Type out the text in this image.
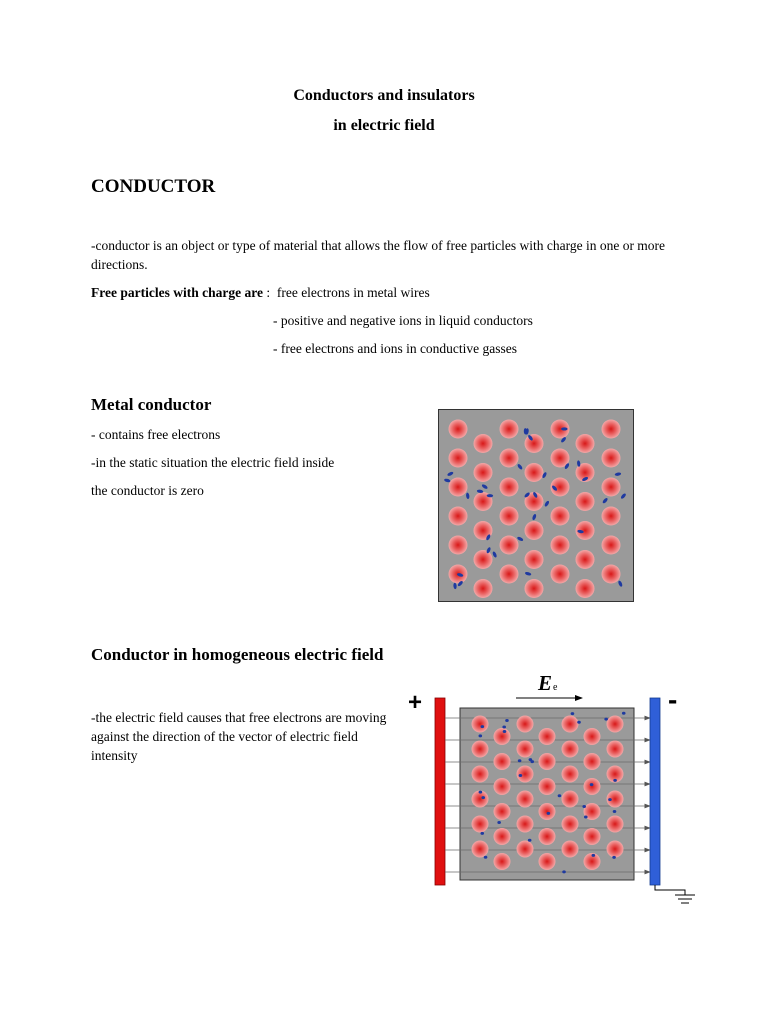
Conductors and insulators
in electric field
CONDUCTOR
-conductor is an object or type of material that allows the flow of free particles with charge in one or more directions.
Free particles with charge are : free electrons in metal wires
- positive and negative ions in liquid conductors
- free electrons and ions in conductive gasses
Metal conductor
- contains free electrons
-in the static situation the electric field inside
the conductor is zero
Conductor in homogeneous electric field
-the electric field causes that free electrons are moving against the direction of the vector of electric field intensity
Ee
+	-
